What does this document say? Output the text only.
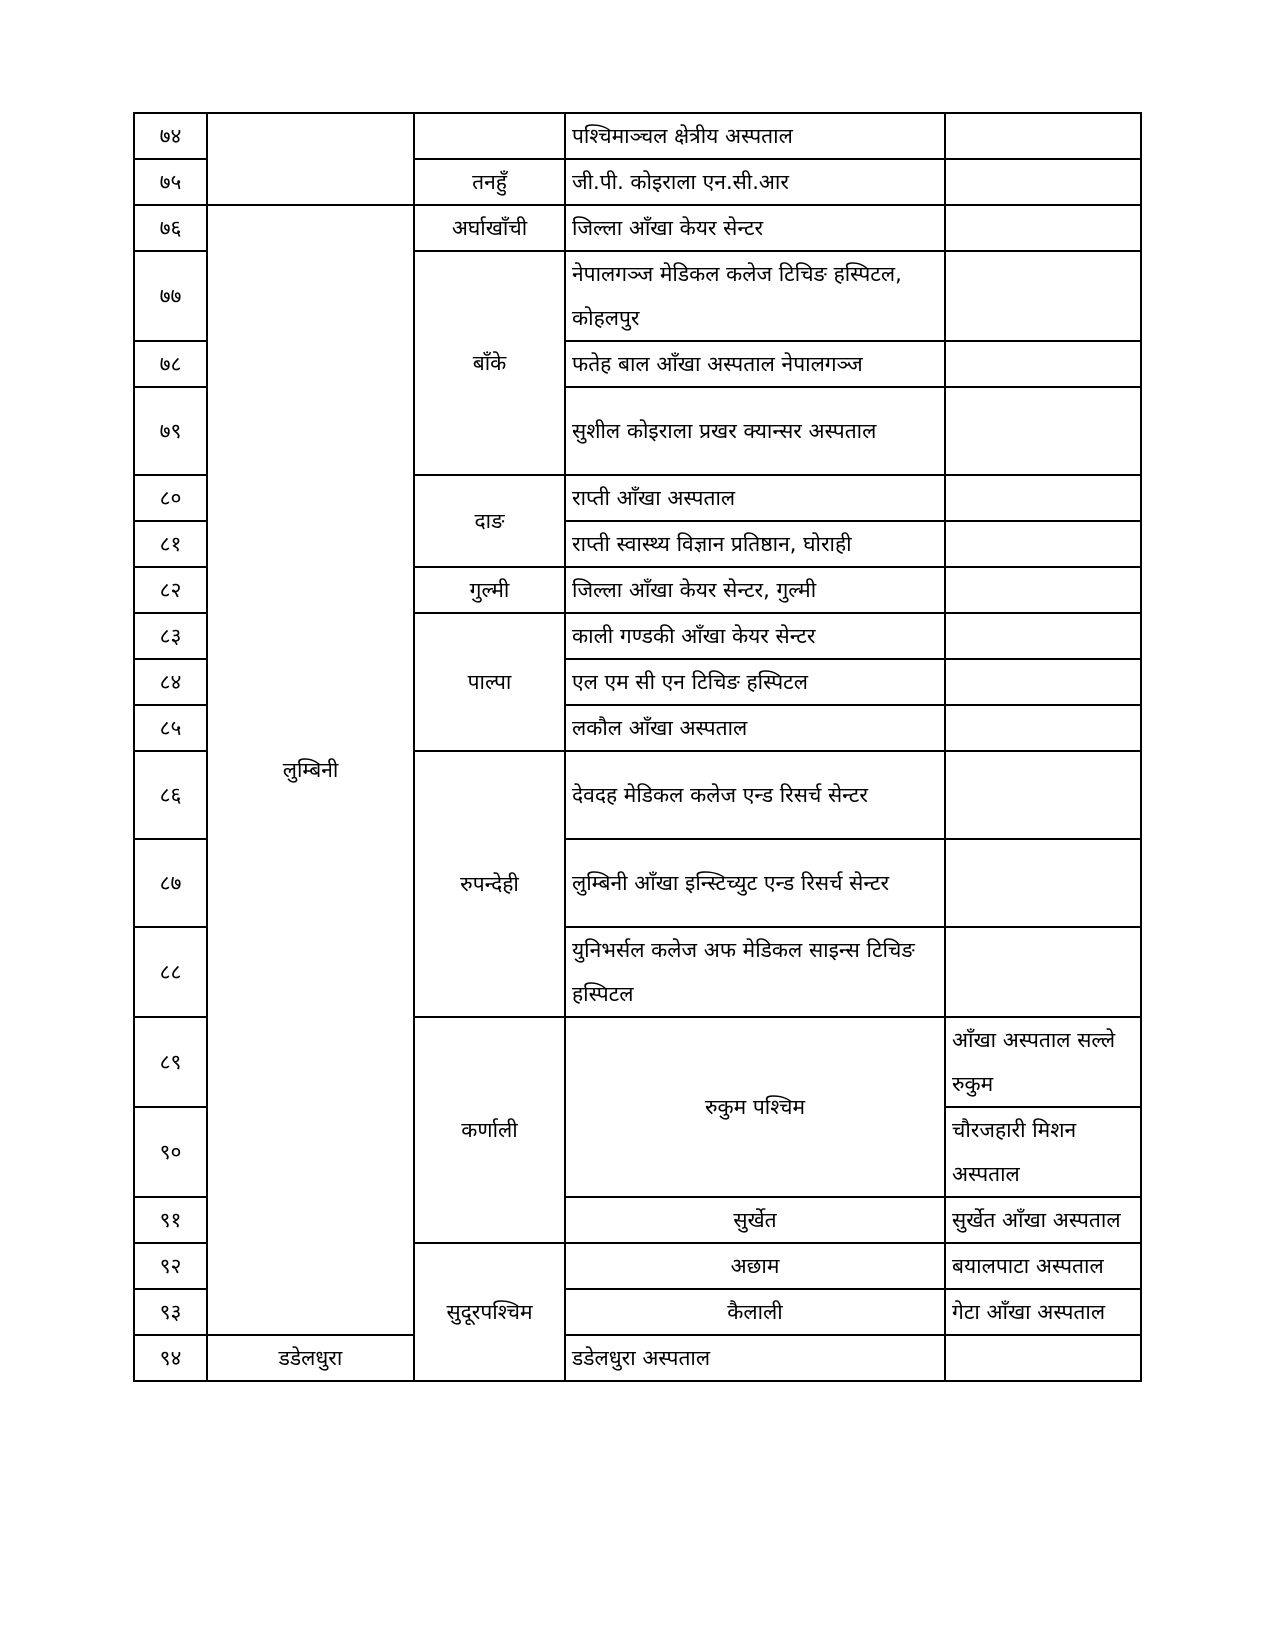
७४			पश्चिमाञ्चल क्षेत्रीय अस्पताल		
७५		तनहुँ	जी.पी. कोइराला एन.सी.आर		
७६	लुम्बिनी	अर्घाखाँची	जिल्ला आँखा केयर सेन्टर		
७७		बाँके	नेपालगञ्ज मेडिकल कलेज टिचिङ हस्पिटल, कोहलपुर		
७८			फतेह बाल आँखा अस्पताल नेपालगञ्ज		
७९			सुशील कोइराला प्रखर क्यान्सर अस्पताल		
८०		दाङ	राप्ती आँखा अस्पताल		
८१			राप्ती स्वास्थ्य विज्ञान प्रतिष्ठान, घोराही		
८२		गुल्मी	जिल्ला आँखा केयर सेन्टर, गुल्मी		
८३		पाल्पा	काली गण्डकी आँखा केयर सेन्टर		
८४			एल एम सी एन टिचिङ हस्पिटल		
८५			लकौल आँखा अस्पताल		
८६		रुपन्देही	देवदह मेडिकल कलेज एन्ड रिसर्च सेन्टर		
८७			लुम्बिनी आँखा इन्स्टिच्युट एन्ड रिसर्च सेन्टर		
८८			युनिभर्सल कलेज अफ मेडिकल साइन्स टिचिङ हस्पिटल		
८९		कर्णाली	रुकुम पश्चिम	आँखा अस्पताल सल्ले रुकुम	
९०				चौरजहारी मिशन अस्पताल	
९१			सुर्खेत	सुर्खेत आँखा अस्पताल	
९२		सुदूरपश्चिम	अछाम	बयालपाटा अस्पताल	
९३			कैलाली	गेटा आँखा अस्पताल	
९४	डडेलधुरा		डडेलधुरा अस्पताल		
